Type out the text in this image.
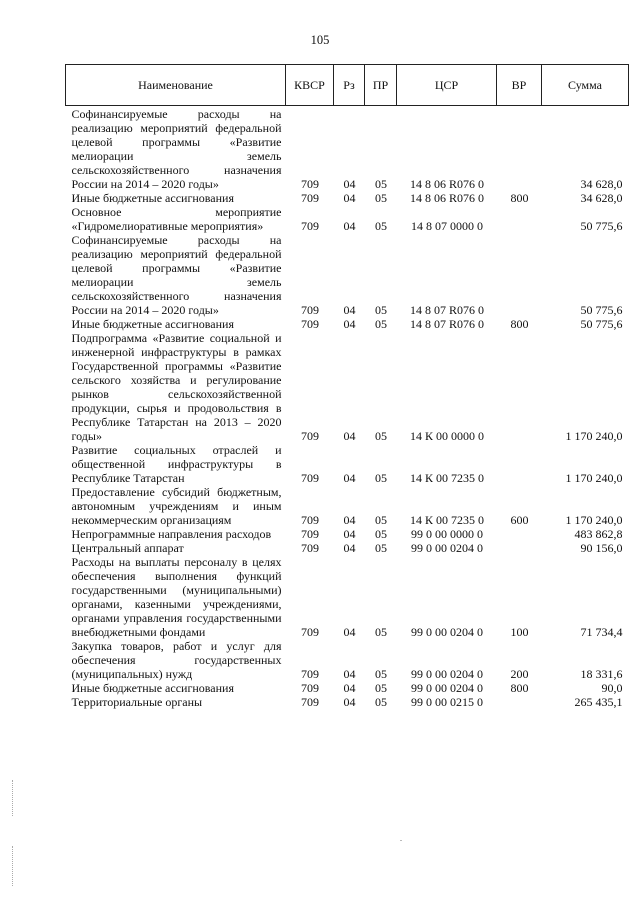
105
Наименование	КВСР	Рз	ПР	ЦСР	ВР	Сумма
Софинансируемые расходы на реализацию мероприятий федеральной целевой программы «Развитие мелиорации земель сельскохозяйственного назначения России на 2014 – 2020 годы»	709	04	05	14 8 06 R076 0		34 628,0
Иные бюджетные ассигнования	709	04	05	14 8 06 R076 0	800	34 628,0
Основное мероприятие «Гидромелиоративные мероприятия»	709	04	05	14 8 07 0000 0		50 775,6
Софинансируемые расходы на реализацию мероприятий федеральной целевой программы «Развитие мелиорации земель сельскохозяйственного назначения России на 2014 – 2020 годы»	709	04	05	14 8 07 R076 0		50 775,6
Иные бюджетные ассигнования	709	04	05	14 8 07 R076 0	800	50 775,6
Подпрограмма «Развитие социальной и инженерной инфраструктуры в рамках Государственной программы «Развитие сельского хозяйства и регулирование рынков сельскохозяйственной продукции, сырья и продовольствия в Республике Татарстан на 2013 – 2020 годы»	709	04	05	14 К 00 0000 0		1 170 240,0
Развитие социальных отраслей и общественной инфраструктуры в Республике Татарстан	709	04	05	14 К 00 7235 0		1 170 240,0
Предоставление субсидий бюджетным, автономным учреждениям и иным некоммерческим организациям	709	04	05	14 К 00 7235 0	600	1 170 240,0
Непрограммные направления расходов	709	04	05	99 0 00 0000 0		483 862,8
Центральный аппарат	709	04	05	99 0 00 0204 0		90 156,0
Расходы на выплаты персоналу в целях обеспечения выполнения функций государственными (муниципальными) органами, казенными учреждениями, органами управления государственными внебюджетными фондами	709	04	05	99 0 00 0204 0	100	71 734,4
Закупка товаров, работ и услуг для обеспечения государственных (муниципальных) нужд	709	04	05	99 0 00 0204 0	200	18 331,6
Иные бюджетные ассигнования	709	04	05	99 0 00 0204 0	800	90,0
Территориальные органы	709	04	05	99 0 00 0215 0		265 435,1
